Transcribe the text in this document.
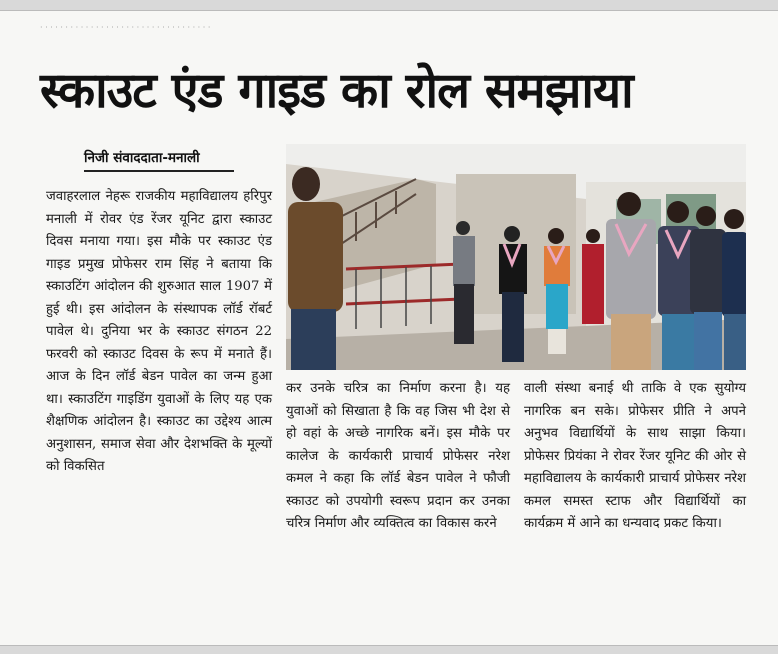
· · · · · · · · · · · · · · · · · · · · · · · · · · · · · · · · · ·
स्काउट एंड गाइड का रोल समझाया
निजी संवाददाता-मनाली
जवाहरलाल नेहरू राजकीय महाविद्यालय हरिपुर मनाली में रोवर एंड रेंजर यूनिट द्वारा स्काउट दिवस मनाया गया। इस मौके पर स्काउट एंड गाइड प्रमुख प्रोफेसर राम सिंह ने बताया कि स्काउटिंग आंदोलन की शुरुआत साल 1907 में हुई थी। इस आंदोलन के संस्थापक लॉर्ड रॉबर्ट पावेल थे। दुनिया भर के स्काउट संगठन 22 फरवरी को स्काउट दिवस के रूप में मनाते हैं। आज के दिन लॉर्ड बेडन पावेल का जन्म हुआ था। स्काउटिंग गाइडिंग युवाओं के लिए यह एक शैक्षणिक आंदोलन है। स्काउट का उद्देश्य आत्म अनुशासन, समाज सेवा और देशभक्ति के मूल्यों को विकसित
कर उनके चरित्र का निर्माण करना है। यह युवाओं को सिखाता है कि वह जिस भी देश से हो वहां के अच्छे नागरिक बनें। इस मौके पर कालेज के कार्यकारी प्राचार्य प्रोफेसर नरेश कमल ने कहा कि लॉर्ड बेडन पावेल ने फौजी स्काउट को उपयोगी स्वरूप प्रदान कर उनका चरित्र निर्माण और व्यक्तित्व का विकास करने
वाली संस्था बनाई थी ताकि वे एक सुयोग्य नागरिक बन सके। प्रोफेसर प्रीति ने अपने अनुभव विद्यार्थियों के साथ साझा किया। प्रोफेसर प्रियंका ने रोवर रेंजर यूनिट की ओर से महाविद्यालय के कार्यकारी प्राचार्य प्रोफेसर नरेश कमल समस्त स्टाफ और विद्यार्थियों का कार्यक्रम में आने का धन्यवाद प्रकट किया।
